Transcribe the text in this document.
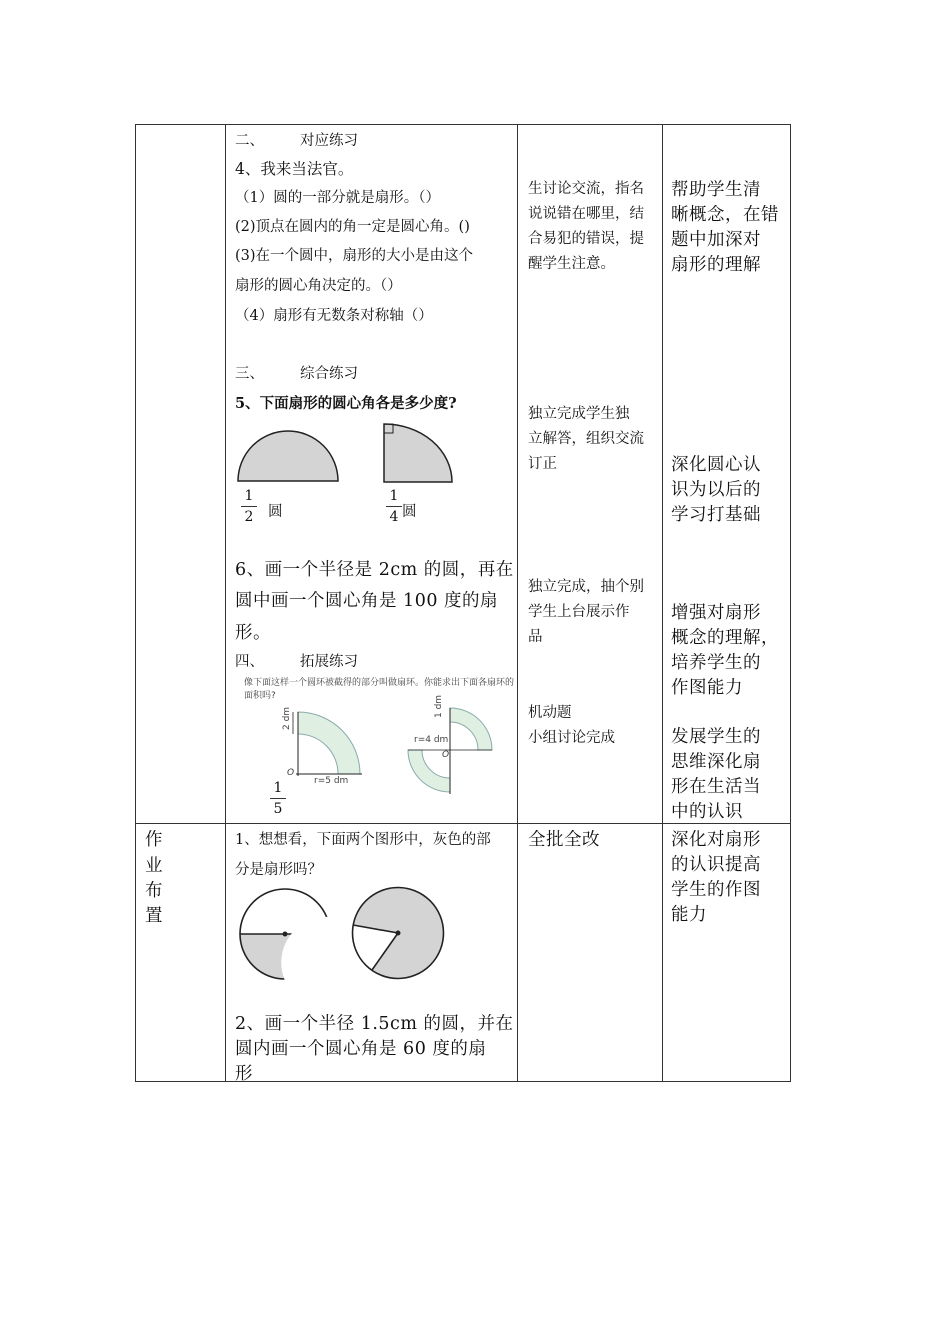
二、 对应练习
4、我来当法官。
（1）圆的一部分就是扇形。（）
(2)顶点在圆内的角一定是圆心角。()
(3)在一个圆中，扇形的大小是由这个
扇形的圆心角决定的。（）
（4）扇形有无数条对称轴（）
三、 综合练习
5、下面扇形的圆心角各是多少度?
1
2 圆
1
4 圆
6、画一个半径是 2cm 的圆，再在
圆中画一个圆心角是 100 度的扇
形。
四、 拓展练习
像下面这样一个圆环被截得的部分叫做扇环。你能求出下面各扇环的
面积吗?
2 dm
r=5 dm
O
r=4 dm
1 dm
O
1
5
生讨论交流，指名
说说错在哪里，结
合易犯的错误，提
醒学生注意。
独立完成学生独
立解答，组织交流
订正
独立完成，抽个别
学生上台展示作
品
机动题
小组讨论完成
帮助学生清
晰概念，在错
题中加深对
扇形的理解
深化圆心认
识为以后的
学习打基础
增强对扇形
概念的理解，
培养学生的
作图能力
发展学生的
思维深化扇
形在生活当
中的认识
作
业
布
置
1、想想看，下面两个图形中，灰色的部
分是扇形吗？
2、画一个半径 1.5cm 的圆，并在
圆内画一个圆心角是 60 度的扇
形
全批全改	深化对扇形
的认识提高
学生的作图
能力
